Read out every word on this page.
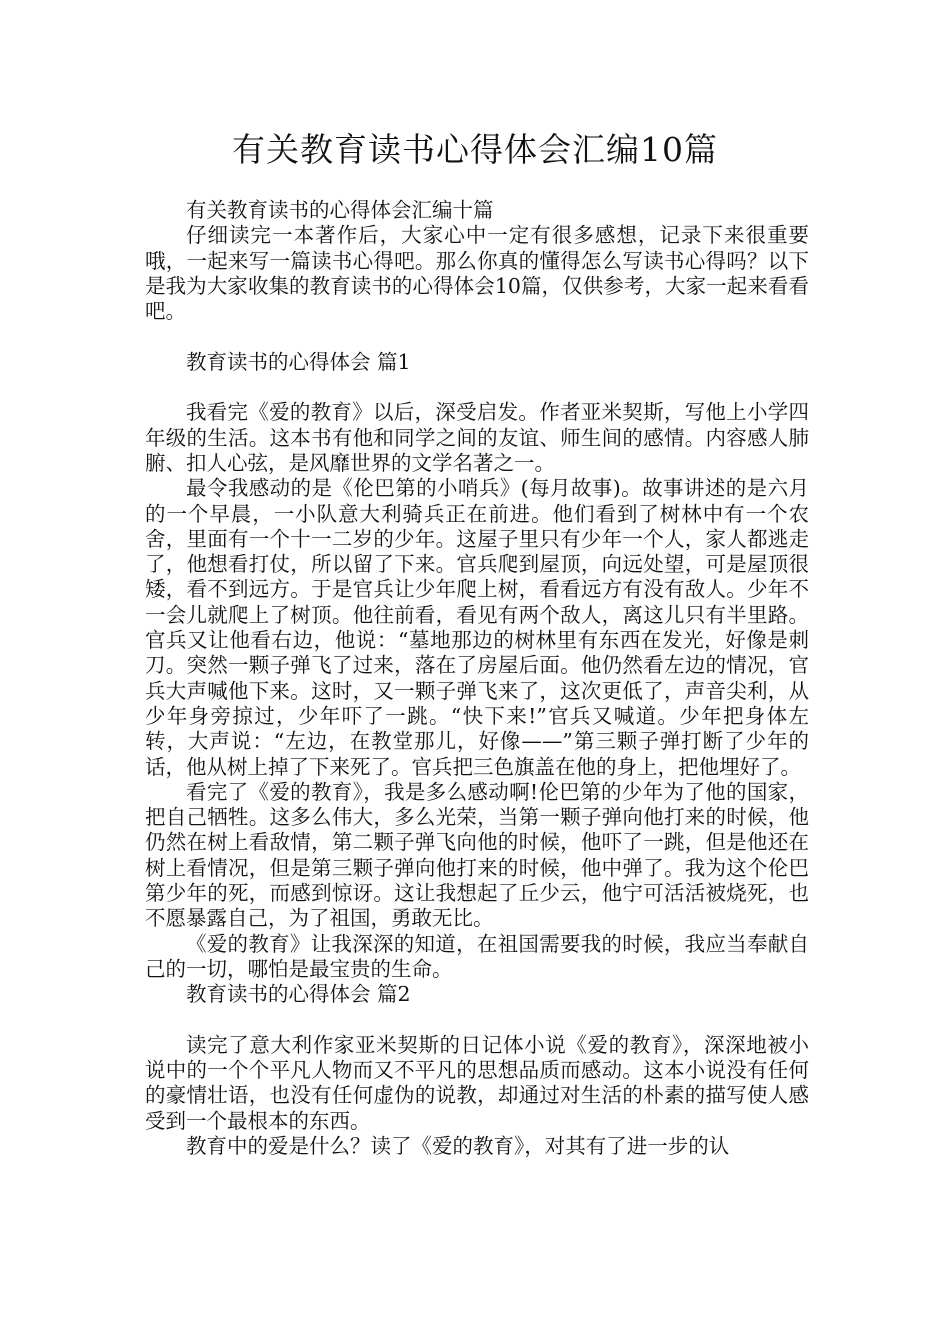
有关教育读书心得体会汇编10篇

有关教育读书的心得体会汇编十篇

仔细读完一本著作后，大家心中一定有很多感想，记录下来很重要哦，一起来写一篇读书心得吧。那么你真的懂得怎么写读书心得吗？以下是我为大家收集的教育读书的心得体会10篇，仅供参考，大家一起来看看吧。

教育读书的心得体会 篇1

我看完《爱的教育》以后，深受启发。作者亚米契斯，写他上小学四年级的生活。这本书有他和同学之间的友谊、师生间的感情。内容感人肺腑、扣人心弦，是风靡世界的文学名著之一。

最令我感动的是《伦巴第的小哨兵》(每月故事)。故事讲述的是六月的一个早晨，一小队意大利骑兵正在前进。他们看到了树林中有一个农舍，里面有一个十一二岁的少年。这屋子里只有少年一个人，家人都逃走了，他想看打仗，所以留了下来。官兵爬到屋顶，向远处望，可是屋顶很矮，看不到远方。于是官兵让少年爬上树，看看远方有没有敌人。少年不一会儿就爬上了树顶。他往前看，看见有两个敌人，离这儿只有半里路。官兵又让他看右边，他说：“墓地那边的树林里有东西在发光，好像是刺刀。突然一颗子弹飞了过来，落在了房屋后面。他仍然看左边的情况，官兵大声喊他下来。这时，又一颗子弹飞来了，这次更低了，声音尖利，从少年身旁掠过，少年吓了一跳。“快下来!”官兵又喊道。少年把身体左转，大声说：“左边，在教堂那儿，好像——”第三颗子弹打断了少年的话，他从树上掉了下来死了。官兵把三色旗盖在他的身上，把他埋好了。

看完了《爱的教育》，我是多么感动啊!伦巴第的少年为了他的国家，把自己牺牲。这多么伟大，多么光荣，当第一颗子弹向他打来的时候，他仍然在树上看敌情，第二颗子弹飞向他的时候，他吓了一跳，但是他还在树上看情况，但是第三颗子弹向他打来的时候，他中弹了。我为这个伦巴第少年的死，而感到惊讶。这让我想起了丘少云，他宁可活活被烧死，也不愿暴露自己，为了祖国，勇敢无比。

《爱的教育》让我深深的知道，在祖国需要我的时候，我应当奉献自己的一切，哪怕是最宝贵的生命。

教育读书的心得体会 篇2

读完了意大利作家亚米契斯的日记体小说《爱的教育》，深深地被小说中的一个个平凡人物而又不平凡的思想品质而感动。这本小说没有任何的豪情壮语，也没有任何虚伪的说教，却通过对生活的朴素的描写使人感受到一个最根本的东西。

教育中的爱是什么？读了《爱的教育》，对其有了进一步的认
